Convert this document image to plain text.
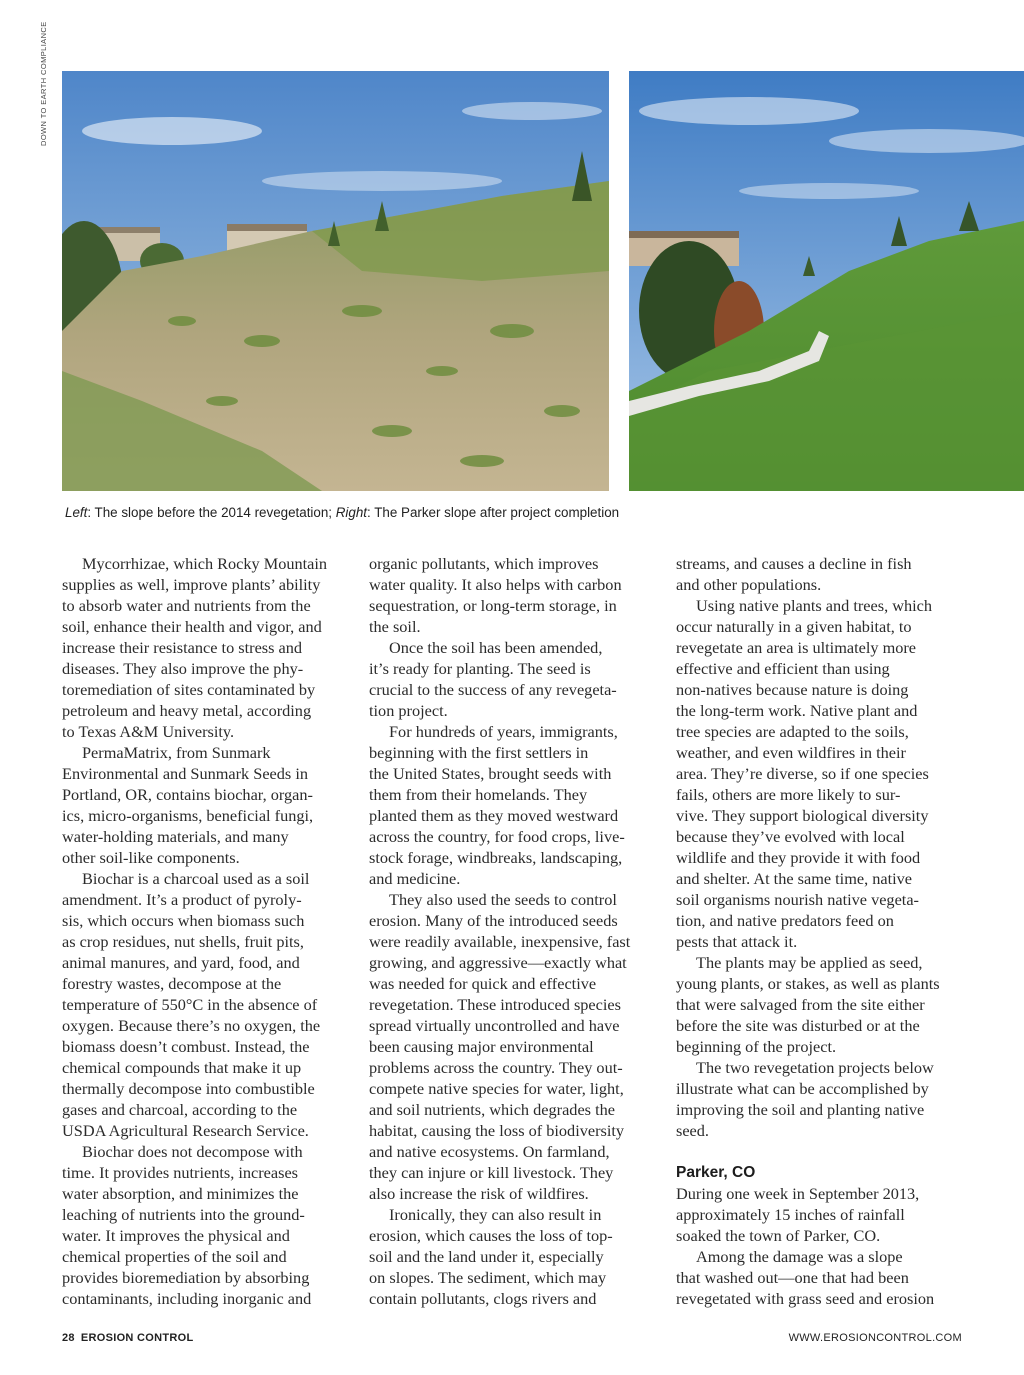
DOWN TO EARTH COMPLIANCE
Left: The slope before the 2014 revegetation; Right: The Parker slope after project completion

Mycorrhizae, which Rocky Mountain
supplies as well, improve plants’ ability
to absorb water and nutrients from the
soil, enhance their health and vigor, and
increase their resistance to stress and
diseases. They also improve the phy-
toremediation of sites contaminated by
petroleum and heavy metal, according
to Texas A&M University.

PermaMatrix, from Sunmark
Environmental and Sunmark Seeds in
Portland, OR, contains biochar, organ-
ics, micro-organisms, beneficial fungi,
water-holding materials, and many
other soil-like components.

Biochar is a charcoal used as a soil
amendment. It’s a product of pyroly-
sis, which occurs when biomass such
as crop residues, nut shells, fruit pits,
animal manures, and yard, food, and
forestry wastes, decompose at the
temperature of 550°C in the absence of
oxygen. Because there’s no oxygen, the
biomass doesn’t combust. Instead, the
chemical compounds that make it up
thermally decompose into combustible
gases and charcoal, according to the
USDA Agricultural Research Service.

Biochar does not decompose with
time. It provides nutrients, increases
water absorption, and minimizes the
leaching of nutrients into the ground-
water. It improves the physical and
chemical properties of the soil and
provides bioremediation by absorbing
contaminants, including inorganic and

organic pollutants, which improves
water quality. It also helps with carbon
sequestration, or long-term storage, in
the soil.

Once the soil has been amended,
it’s ready for planting. The seed is
crucial to the success of any revegeta-
tion project.

For hundreds of years, immigrants,
beginning with the first settlers in
the United States, brought seeds with
them from their homelands. They
planted them as they moved westward
across the country, for food crops, live-
stock forage, windbreaks, landscaping,
and medicine.

They also used the seeds to control
erosion. Many of the introduced seeds
were readily available, inexpensive, fast
growing, and aggressive—exactly what
was needed for quick and effective
revegetation. These introduced species
spread virtually uncontrolled and have
been causing major environmental
problems across the country. They out-
compete native species for water, light,
and soil nutrients, which degrades the
habitat, causing the loss of biodiversity
and native ecosystems. On farmland,
they can injure or kill livestock. They
also increase the risk of wildfires.

Ironically, they can also result in
erosion, which causes the loss of top-
soil and the land under it, especially
on slopes. The sediment, which may
contain pollutants, clogs rivers and

streams, and causes a decline in fish
and other populations.

Using native plants and trees, which
occur naturally in a given habitat, to
revegetate an area is ultimately more
effective and efficient than using
non-natives because nature is doing
the long-term work. Native plant and
tree species are adapted to the soils,
weather, and even wildfires in their
area. They’re diverse, so if one species
fails, others are more likely to sur-
vive. They support biological diversity
because they’ve evolved with local
wildlife and they provide it with food
and shelter. At the same time, native
soil organisms nourish native vegeta-
tion, and native predators feed on
pests that attack it.

The plants may be applied as seed,
young plants, or stakes, as well as plants
that were salvaged from the site either
before the site was disturbed or at the
beginning of the project.

The two revegetation projects below
illustrate what can be accomplished by
improving the soil and planting native
seed.

Parker, CO

During one week in September 2013,
approximately 15 inches of rainfall
soaked the town of Parker, CO.

Among the damage was a slope
that washed out—one that had been
revegetated with grass seed and erosion

28 EROSION CONTROL	WWW.EROSIONCONTROL.COM
